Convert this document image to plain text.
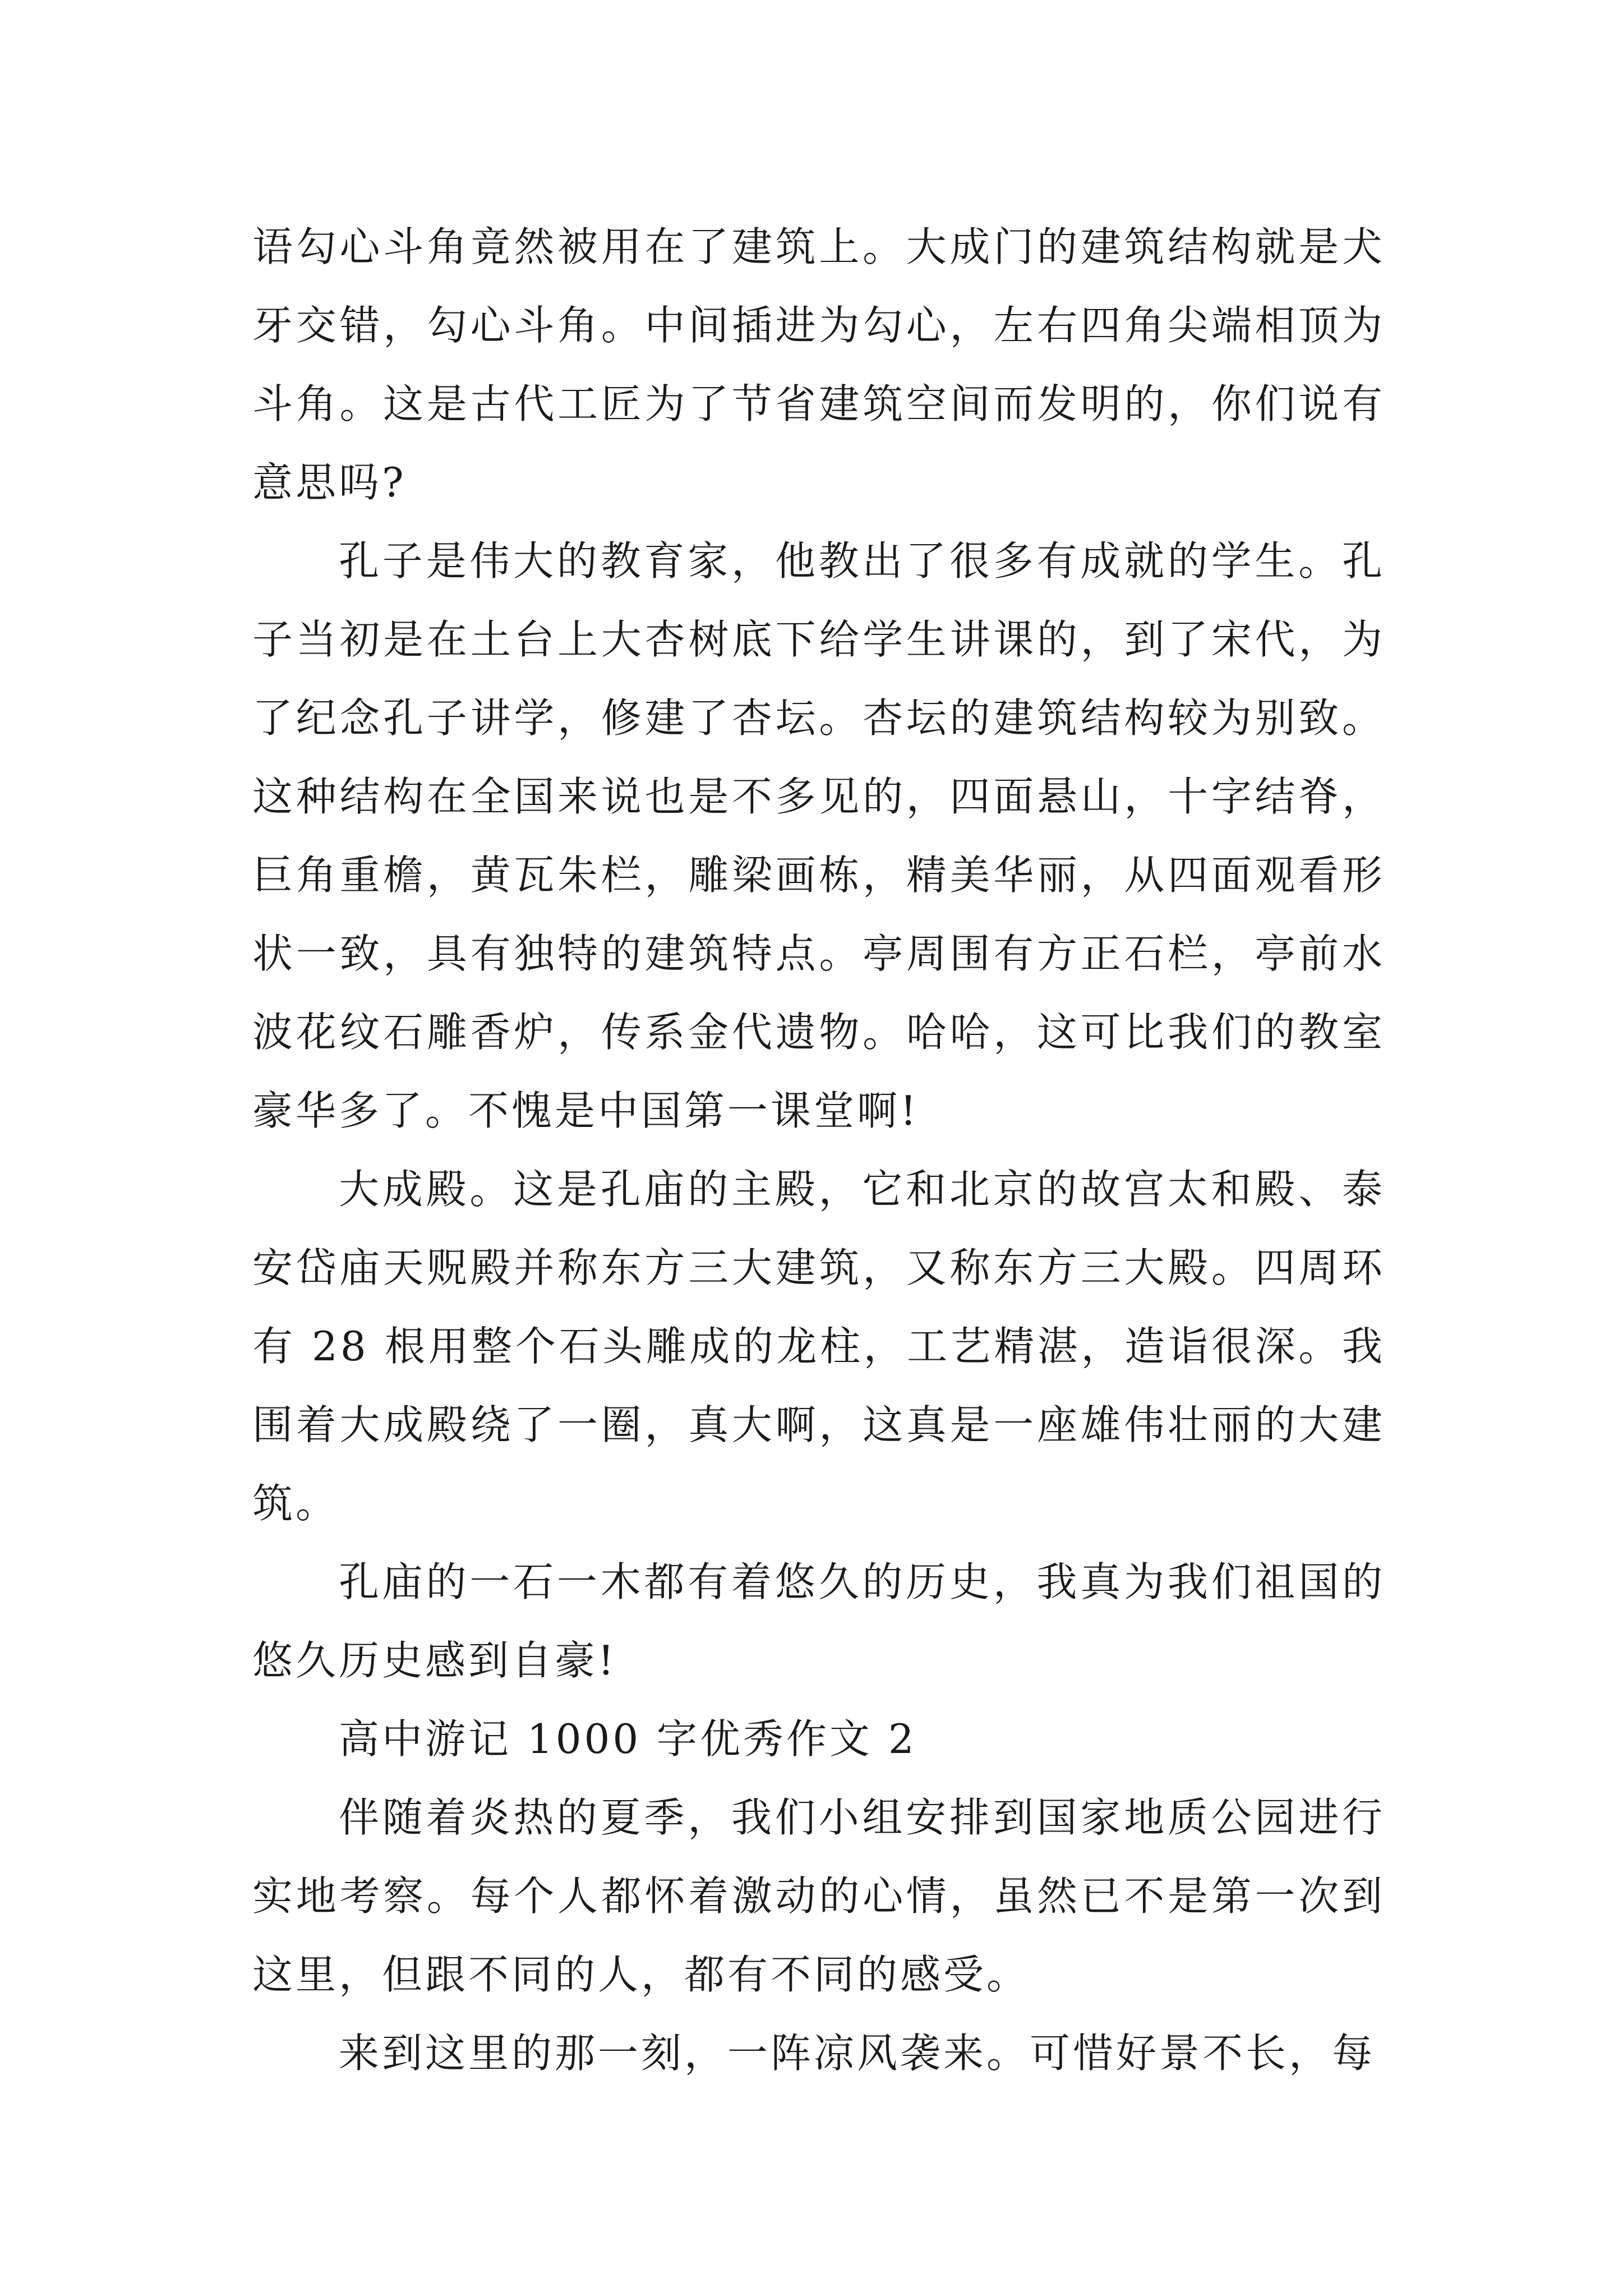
语勾心斗角竟然被用在了建筑上。大成门的建筑结构就是犬牙交错，勾心斗角。中间插进为勾心，左右四角尖端相顶为斗角。这是古代工匠为了节省建筑空间而发明的，你们说有意思吗?

孔子是伟大的教育家，他教出了很多有成就的学生。孔子当初是在土台上大杏树底下给学生讲课的，到了宋代，为了纪念孔子讲学，修建了杏坛。杏坛的建筑结构较为别致。这种结构在全国来说也是不多见的，四面悬山，十字结脊，巨角重檐，黄瓦朱栏，雕梁画栋，精美华丽，从四面观看形状一致，具有独特的建筑特点。亭周围有方正石栏，亭前水波花纹石雕香炉，传系金代遗物。哈哈，这可比我们的教室豪华多了。不愧是中国第一课堂啊!

大成殿。这是孔庙的主殿，它和北京的故宫太和殿、泰安岱庙天贶殿并称东方三大建筑，又称东方三大殿。四周环有 28 根用整个石头雕成的龙柱，工艺精湛，造诣很深。我围着大成殿绕了一圈，真大啊，这真是一座雄伟壮丽的大建筑。

孔庙的一石一木都有着悠久的历史，我真为我们祖国的悠久历史感到自豪!

高中游记 1000 字优秀作文 2

伴随着炎热的夏季，我们小组安排到国家地质公园进行实地考察。每个人都怀着激动的心情，虽然已不是第一次到这里，但跟不同的人，都有不同的感受。

来到这里的那一刻，一阵凉风袭来。可惜好景不长，每
